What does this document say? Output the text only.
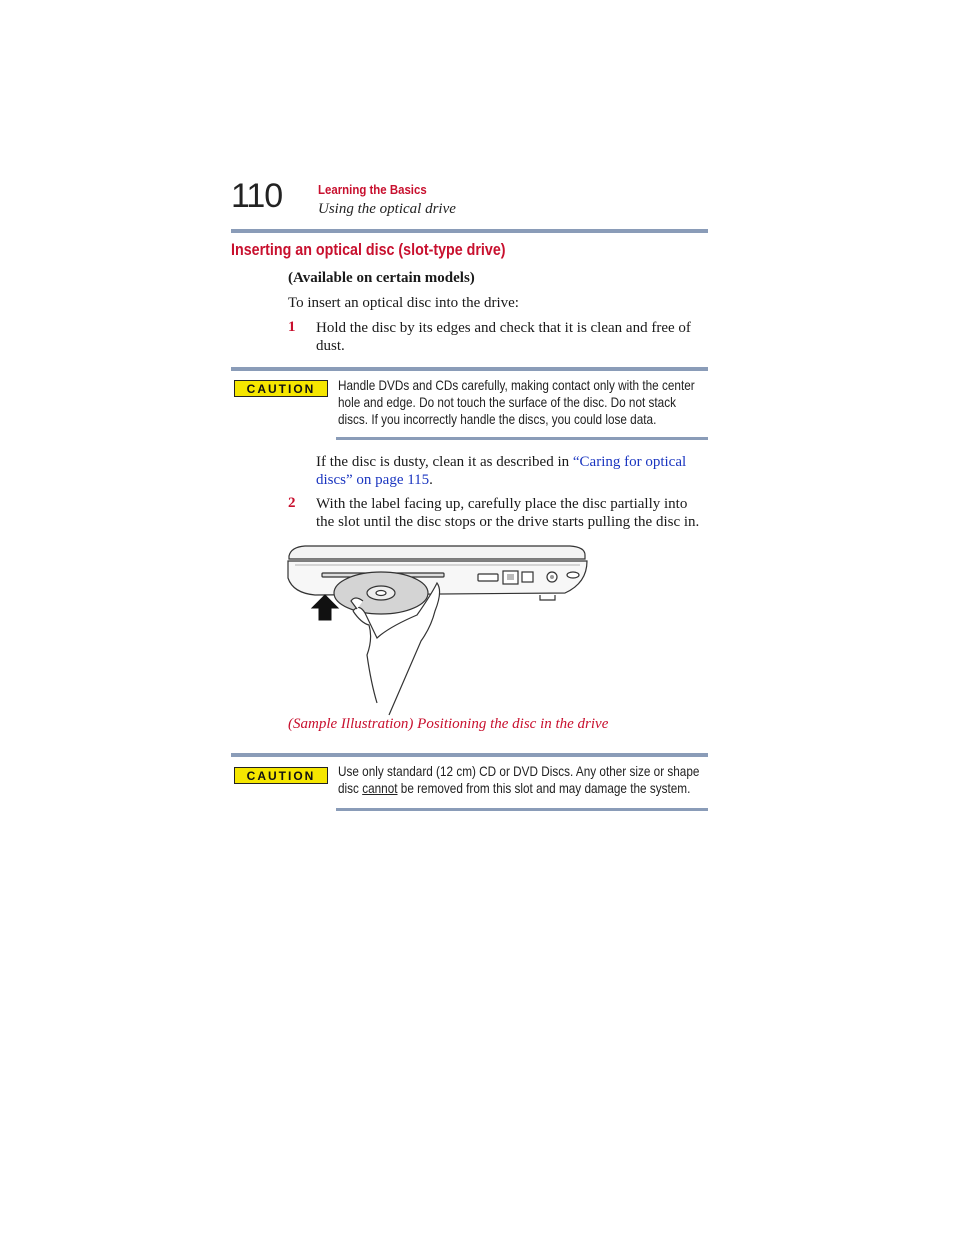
110	Learning the Basics
Using the optical drive
Inserting an optical disc (slot-type drive)
(Available on certain models)
To insert an optical disc into the drive:
1 Hold the disc by its edges and check that it is clean and free of dust.
CAUTION	Handle DVDs and CDs carefully, making contact only with the center hole and edge. Do not touch the surface of the disc. Do not stack discs. If you incorrectly handle the discs, you could lose data.
If the disc is dusty, clean it as described in “Caring for optical discs” on page 115.
2 With the label facing up, carefully place the disc partially into the slot until the disc stops or the drive starts pulling the disc in.
(Sample Illustration) Positioning the disc in the drive
CAUTION	Use only standard (12 cm) CD or DVD Discs. Any other size or shape disc cannot be removed from this slot and may damage the system.
